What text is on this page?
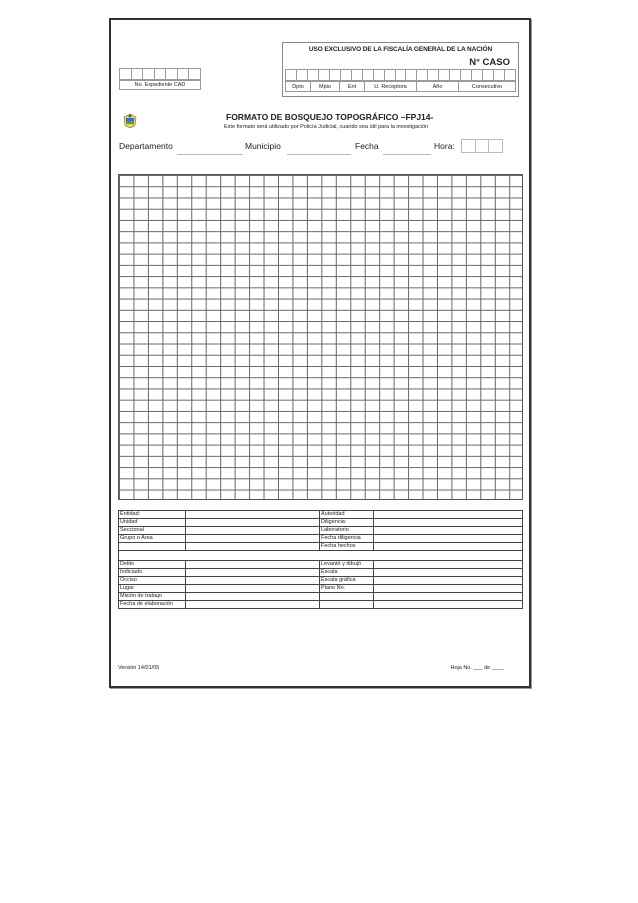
USO EXCLUSIVO DE LA FISCALÍA GENERAL DE LA NACIÓN
N° CASO
Dpto	Mpio	Ent	U. Receptora	Año	Consecutivo
No. Expediente CAD
FORMATO DE BOSQUEJO TOPOGRÁFICO –FPJ14-
Este formato será utilizado por Policía Judicial, cuando sea útil para la investigación
Departamento	Municipio	Fecha	Hora:
Entidad:		Autoridad	
Unidad		Diligencia:	
Seccional		Laboratorio	
Grupo o Area		Fecha diligencia	
		Fecha hechos	

Delito		Levantó y dibujó	
Indiciado		Escala	
Occiso		Escala gráfica	
Lugar		Plano No.	
Misión de trabajo			
Fecha de elaboración			
Versión 14/01/05	Hoja No. ___ de ____
